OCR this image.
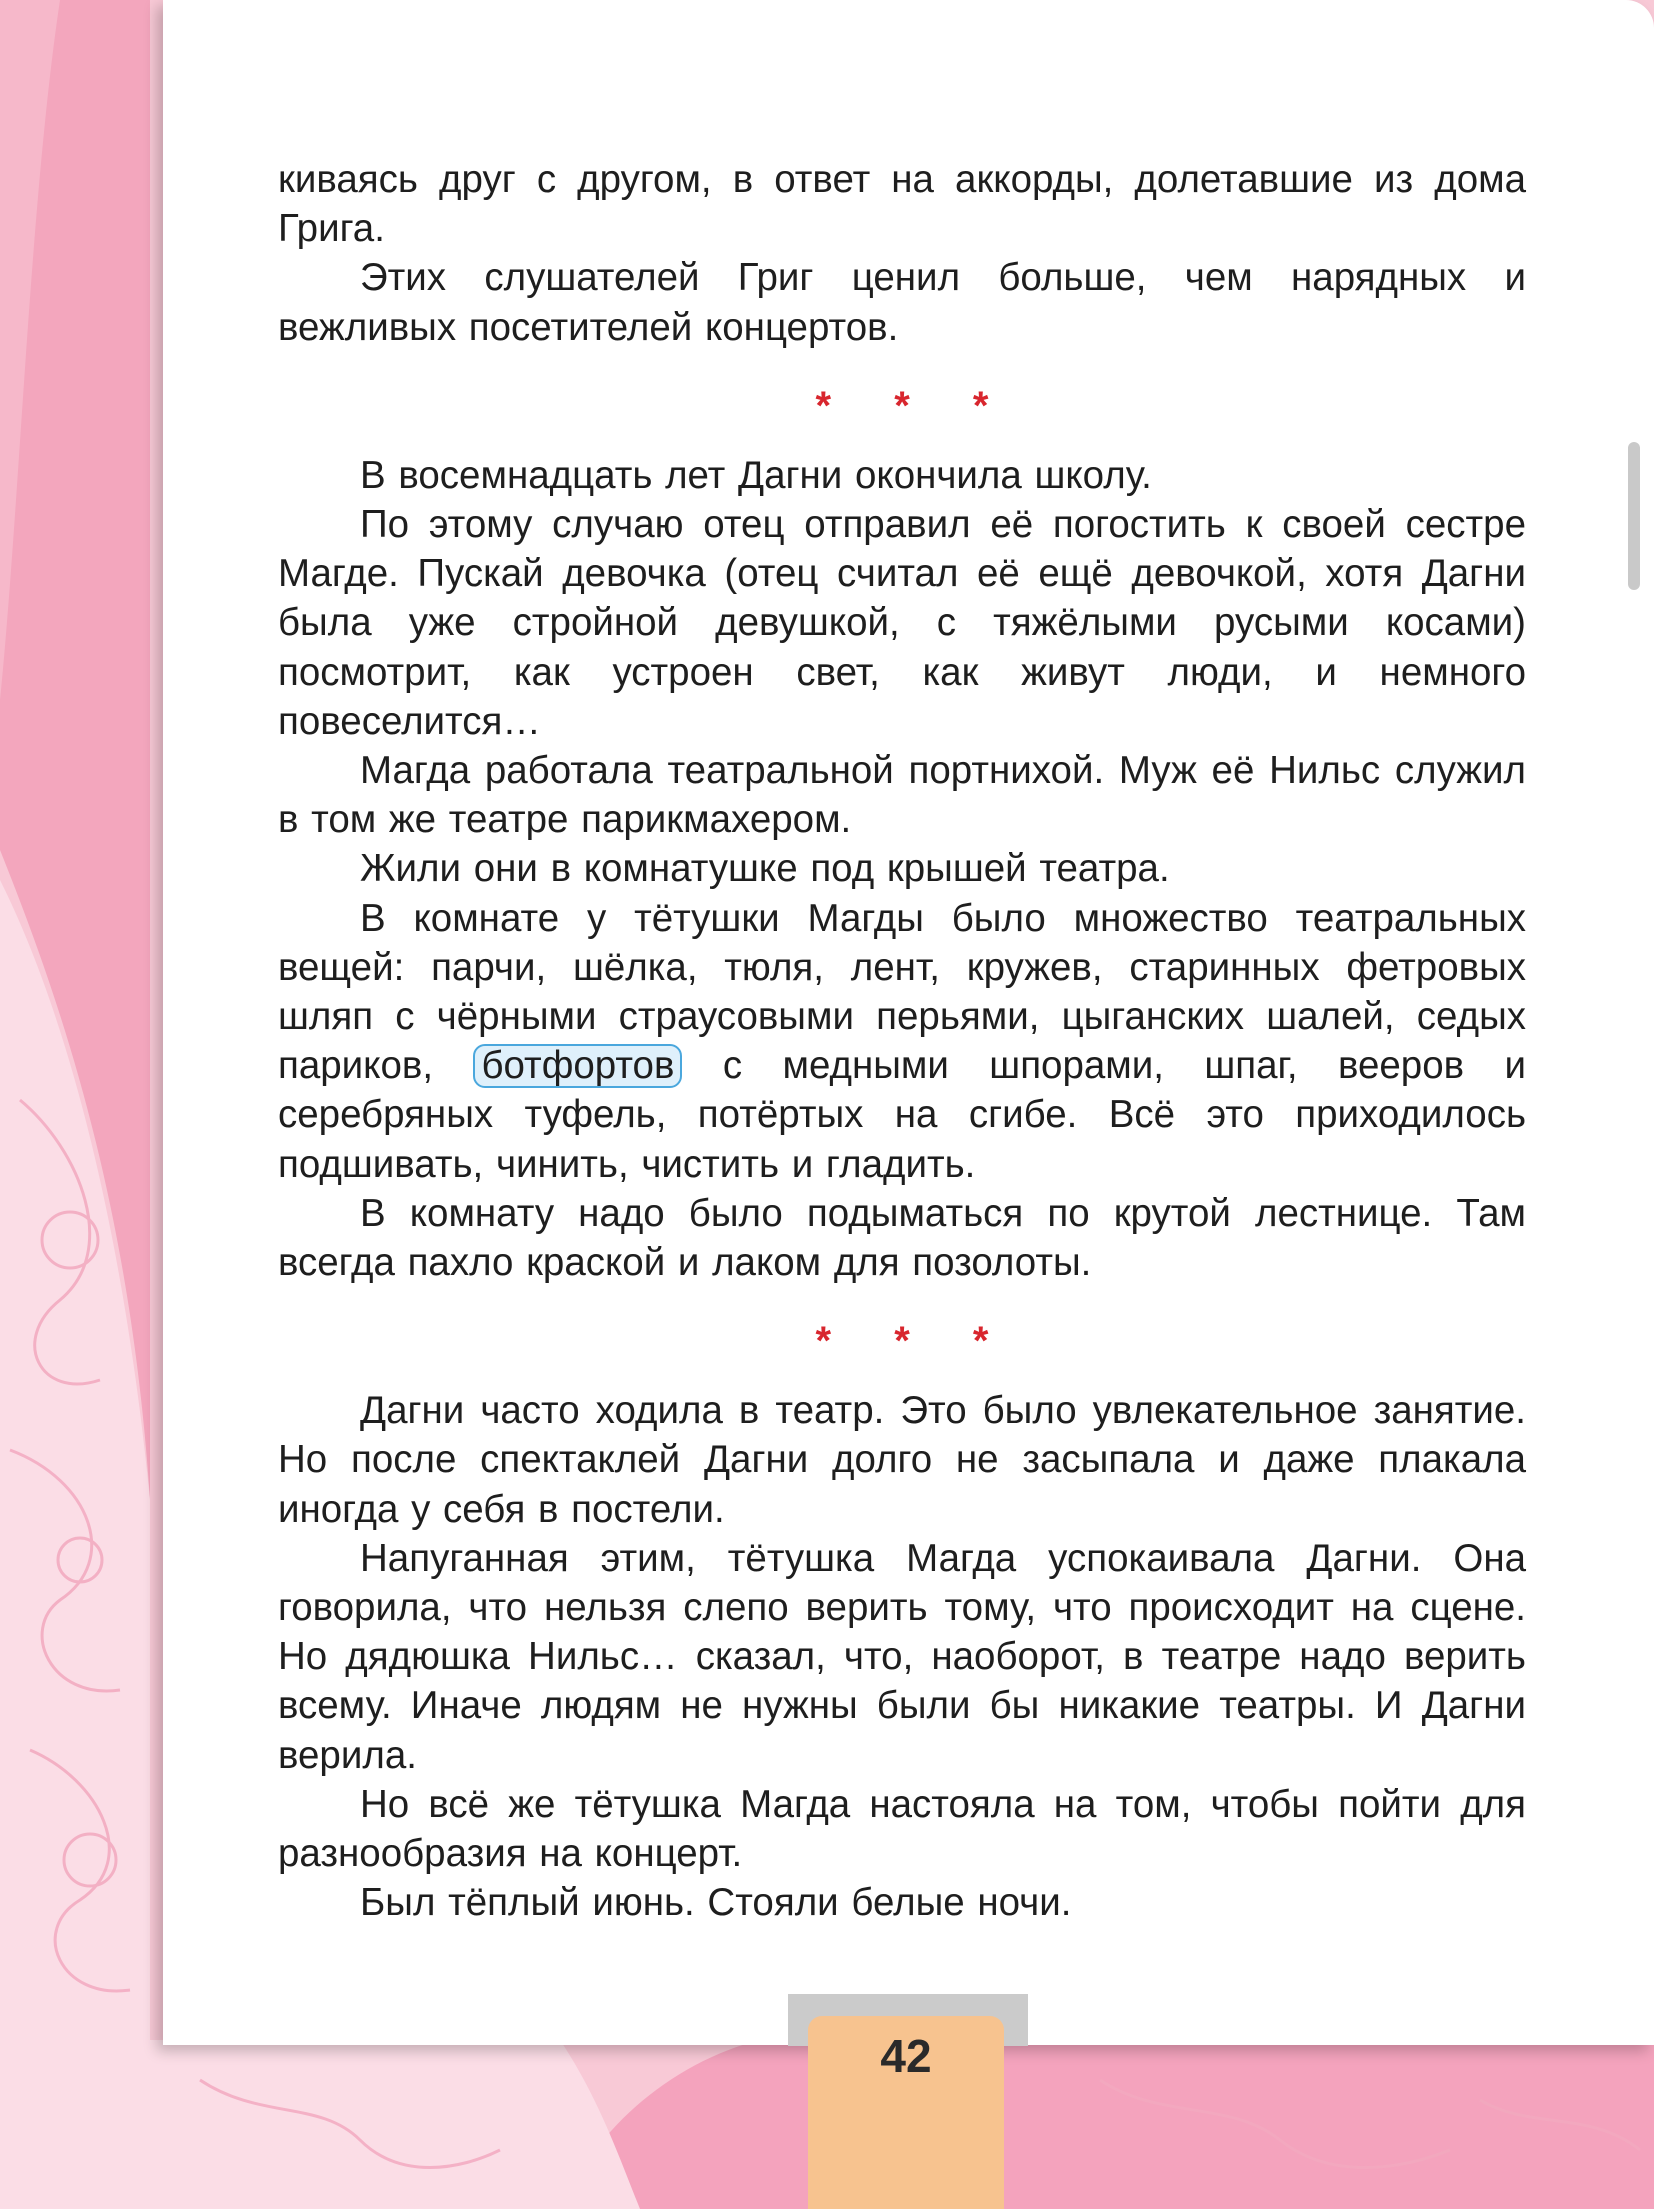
киваясь друг с другом, в ответ на аккорды, долетавшие из дома Грига.

Этих слушателей Григ ценил больше, чем нарядных и вежливых посетителей концертов.

* * *

В восемнадцать лет Дагни окончила школу.

По этому случаю отец отправил её погостить к своей сестре Магде. Пускай девочка (отец считал её ещё девочкой, хотя Дагни была уже стройной девушкой, с тяжёлыми русыми косами) посмотрит, как устроен свет, как живут люди, и немного повеселится…

Магда работала театральной портнихой. Муж её Нильс служил в том же театре парикмахером.

Жили они в комнатушке под крышей театра.

В комнате у тётушки Магды было множество театральных вещей: парчи, шёлка, тюля, лент, кружев, старинных фетровых шляп с чёрными страусовыми перьями, цыганских шалей, седых париков, ботфортов с медными шпорами, шпаг, вееров и серебряных туфель, потёртых на сгибе. Всё это приходилось подшивать, чинить, чистить и гладить.

В комнату надо было подыматься по крутой лестнице. Там всегда пахло краской и лаком для позолоты.

* * *

Дагни часто ходила в театр. Это было увлекательное занятие. Но после спектаклей Дагни долго не засыпала и даже плакала иногда у себя в постели.

Напуганная этим, тётушка Магда успокаивала Дагни. Она говорила, что нельзя слепо верить тому, что происходит на сцене. Но дядюшка Нильс… сказал, что, наоборот, в театре надо верить всему. Иначе людям не нужны были бы никакие театры. И Дагни верила.

Но всё же тётушка Магда настояла на том, чтобы пойти для разнообразия на концерт.

Был тёплый июнь. Стояли белые ночи.

42
